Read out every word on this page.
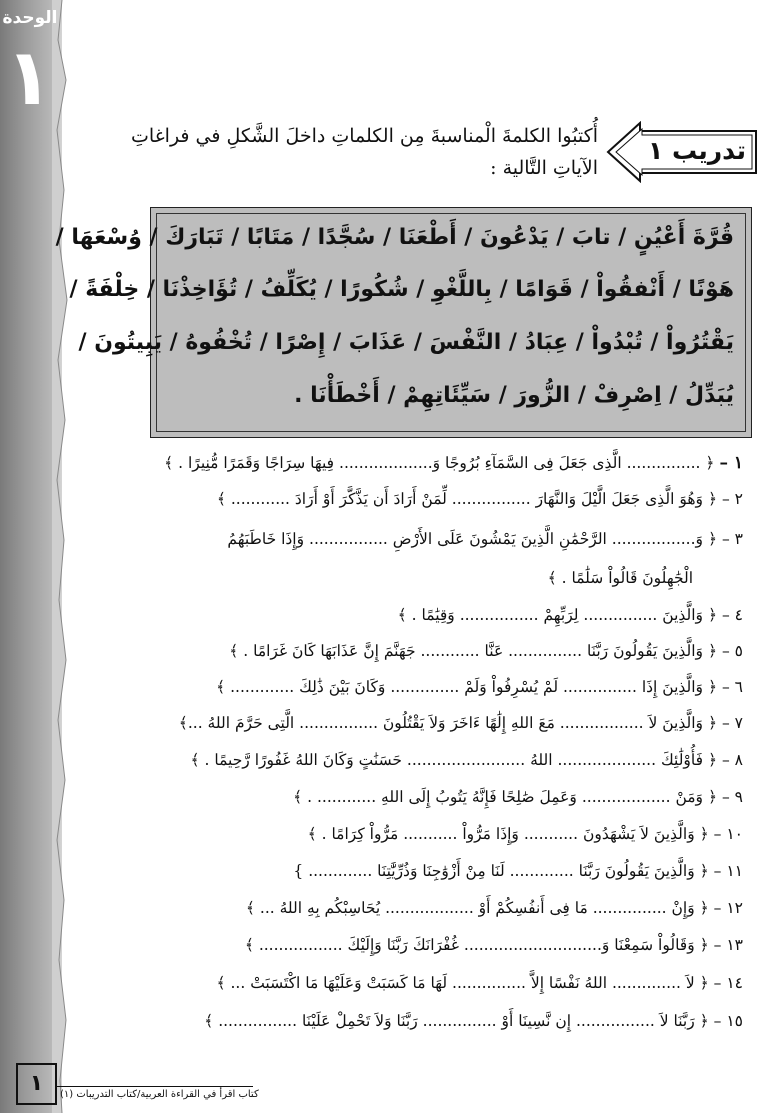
الوحدة
١
تدريب ١
أُكتبُوا الكلمةَ الْمناسبةَ مِن الكلماتِ داخلَ الشَّكلِ في فراغاتِ
الآياتِ التَّالية :
قُرَّةَ أَعْيُنٍ / تابَ / يَدْعُونَ / أَطْعَنَا / سُجَّدًا / مَتَابًا / تَبَارَكَ / وُسْعَهَا /
هَوْنًا / أَنْفقُواْ / قَوَامًا / بِاللَّغْوِ / شُكُورًا / يُكَلِّفُ / تُؤَاخِذْنَا / خِلْفَةً /
يَقْتُرُواْ / تُبْدُواْ / عِبَادُ / النَّفْسَ / عَذَابَ / إِصْرًا / تُخْفُوهُ / يَبِيتُونَ /
يُبَدِّلُ / اِصْرِفْ / الزُّورَ / سَيِّئَاتِهِمْ / أَخْطَأْنَا .
١ – ﴿ ............... الَّذِى جَعَلَ فِى السَّمَآءِ بُرُوجًا وَ................... فِيهَا سِرَاجًا وَقَمَرًا مُّنِيرًا . ﴾
٢ – ﴿ وَهُوَ الَّذِى جَعَلَ الَّيْلَ وَالنَّهَارَ ................ لِّمَنْ أَرَادَ أَن يَذَّكَّرَ أَوْ أَرَادَ ............ ﴾
٣ – ﴿ وَ................. الرَّحْمَٰنِ الَّذِينَ يَمْشُونَ عَلَى الأَرْضِ ................ وَإِذَا خَاطَبَهُمُ
الْجَٰهِلُونَ قَالُواْ سَلَٰمًا . ﴾
٤ – ﴿ وَالَّذِينَ ............... لِرَبِّهِمْ ................ وَقِيَٰمًا . ﴾
٥ – ﴿ وَالَّذِينَ يَقُولُونَ رَبَّنَا ............... عَنَّا ............ جَهَنَّمَ إِنَّ عَذَابَهَا كَانَ غَرَامًا . ﴾
٦ – ﴿ وَالَّذِينَ إِذَا ............... لَمْ يُسْرِفُواْ وَلَمْ .............. وَكَانَ بَيْنَ ذَٰلِكَ ............. ﴾
٧ – ﴿ وَالَّذِينَ لاَ ................. مَعَ اللهِ إِلَٰهًا ءَاخَرَ وَلاَ يَقْتُلُونَ ................ الَّتِى حَرَّمَ اللهُ ...﴾
٨ – ﴿ فَأُوْلَٰئِكَ .................... اللهُ ........................ حَسَنَٰتٍ وَكَانَ اللهُ غَفُورًا رَّحِيمًا . ﴾
٩ – ﴿ وَمَنْ .................. وَعَمِلَ صَٰلِحًا فَإِنَّهُ يَتُوبُ إِلَى اللهِ ............ . ﴾
١٠ – ﴿ وَالَّذِينَ لاَ يَشْهَدُونَ ........... وَإِذَا مَرُّواْ ........... مَرُّواْ كِرَامًا . ﴾
١١ – ﴿ وَالَّذِينَ يَقُولُونَ رَبَّنَا ............. لَنَا مِنْ أَزْوَٰجِنَا وَذُرِّيَّٰتِنَا ............. }
١٢ – ﴿ وَإِنْ ............... مَا فِى أَنفُسِكُمْ أَوْ .................. يُحَاسِبْكُم بِهِ اللهُ ... ﴾
١٣ – ﴿ وَقَالُواْ سَمِعْنَا وَ............................ غُفْرَانَكَ رَبَّنَا وَإِلَيْكَ ................. ﴾
١٤ – ﴿ لاَ .............. اللهُ نَفْسًا إِلاَّ ............... لَهَا مَا كَسَبَتْ وَعَلَيْهَا مَا اكْتَسَبَتْ ... ﴾
١٥ – ﴿ رَبَّنَا لاَ ................ إِن نَّسِينَا أَوْ ............... رَبَّنَا وَلاَ تَحْمِلْ عَلَيْنَا ................ ﴾
١	كتاب اقرأ في القراءة العربية/كتاب التدريبات (١)
